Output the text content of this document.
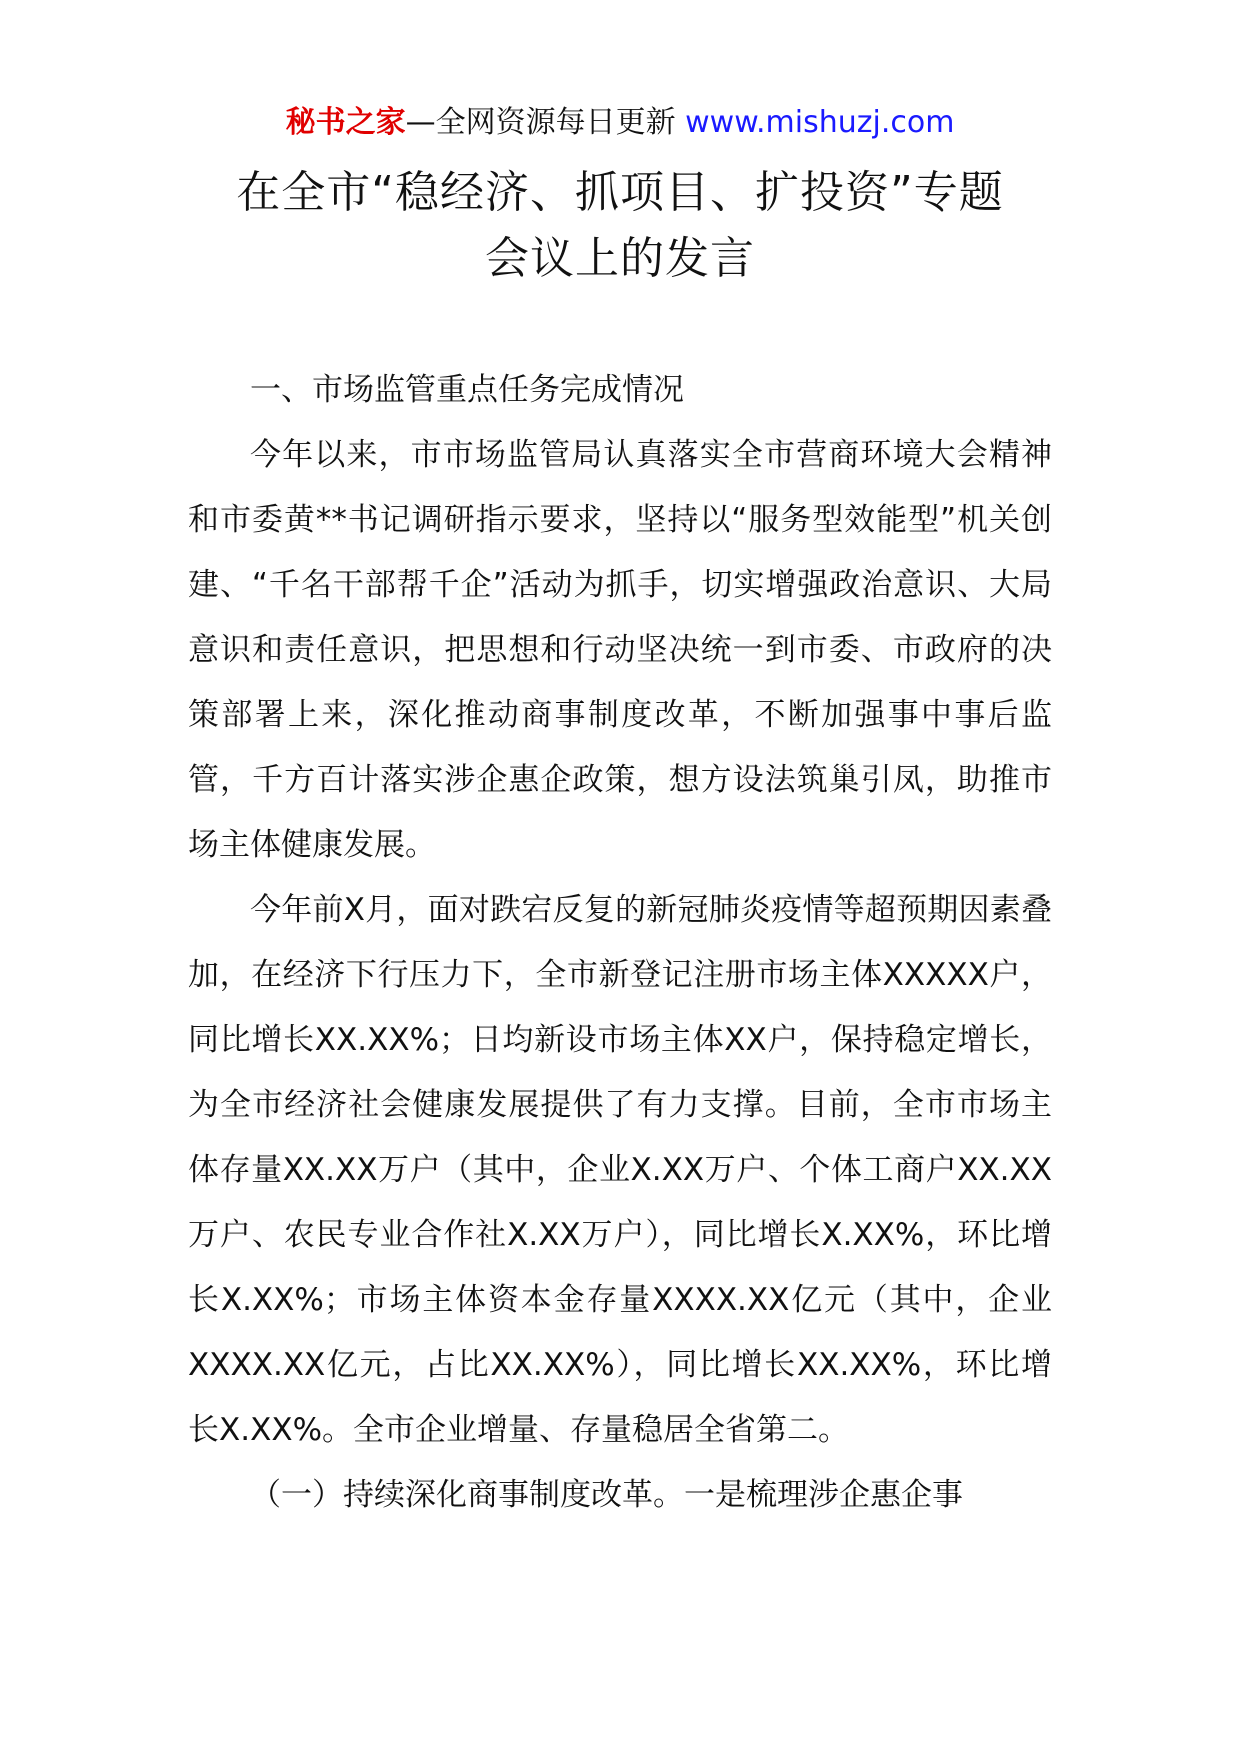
秘书之家—全网资源每日更新 www.mishuzj.com
在全市“稳经济、抓项目、扩投资”专题
会议上的发言

一、市场监管重点任务完成情况

今年以来，市市场监管局认真落实全市营商环境大会精神和市委黄**书记调研指示要求，坚持以“服务型效能型”机关创建、“千名干部帮千企”活动为抓手，切实增强政治意识、大局意识和责任意识，把思想和行动坚决统一到市委、市政府的决策部署上来，深化推动商事制度改革，不断加强事中事后监管，千方百计落实涉企惠企政策，想方设法筑巢引凤，助推市场主体健康发展。

今年前X月，面对跌宕反复的新冠肺炎疫情等超预期因素叠加，在经济下行压力下，全市新登记注册市场主体XXXXX户，同比增长XX.XX%；日均新设市场主体XX户，保持稳定增长，为全市经济社会健康发展提供了有力支撑。目前，全市市场主体存量XX.XX万户（其中，企业X.XX万户、个体工商户XX.XX万户、农民专业合作社X.XX万户），同比增长X.XX%，环比增长X.XX%；市场主体资本金存量XXXX.XX亿元（其中，企业XXXX.XX亿元，占比XX.XX%），同比增长XX.XX%，环比增长X.XX%。全市企业增量、存量稳居全省第二。

（一）持续深化商事制度改革。一是梳理涉企惠企事
